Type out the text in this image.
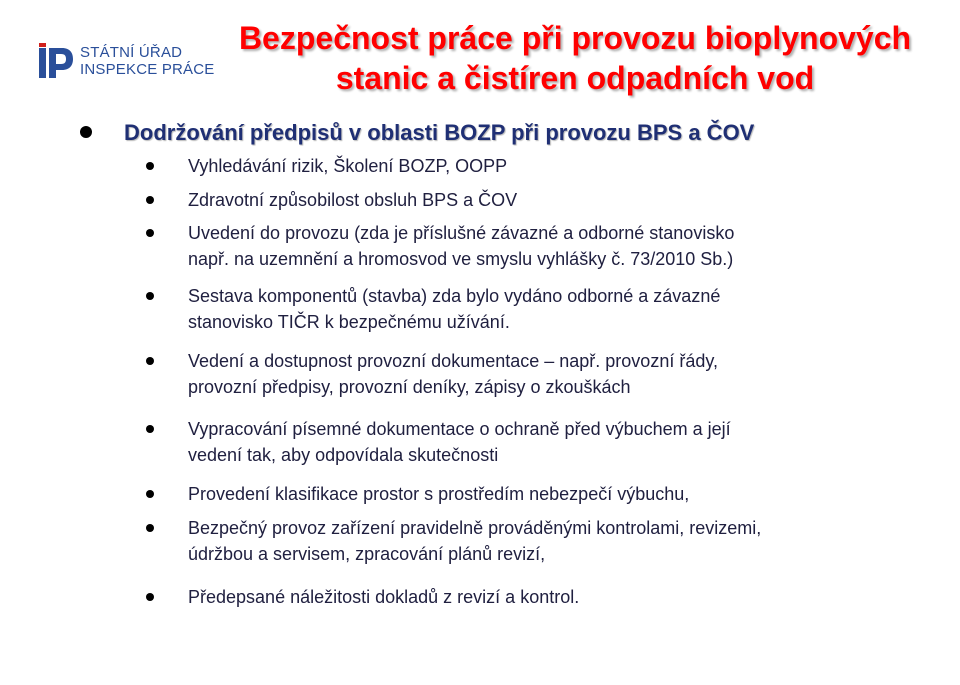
STÁTNÍ ÚŘAD
INSPEKCE PRÁCE
Bezpečnost práce při provozu bioplynových
stanic a čistíren odpadních vod
Dodržování předpisů v oblasti BOZP při provozu BPS a ČOV
Vyhledávání rizik, Školení BOZP, OOPP
Zdravotní způsobilost obsluh BPS a ČOV
Uvedení do provozu (zda je příslušné závazné a odborné stanovisko
např. na uzemnění a hromosvod ve smyslu vyhlášky č. 73/2010 Sb.)
Sestava komponentů (stavba) zda bylo vydáno odborné a závazné
stanovisko TIČR k bezpečnému užívání.
Vedení a dostupnost provozní dokumentace – např. provozní řády,
provozní předpisy, provozní deníky, zápisy o zkouškách
Vypracování písemné dokumentace o ochraně před výbuchem a její
vedení tak, aby odpovídala skutečnosti
Provedení klasifikace prostor s prostředím nebezpečí výbuchu,
Bezpečný provoz zařízení pravidelně prováděnými kontrolami, revizemi,
údržbou a servisem, zpracování plánů revizí,
Předepsané náležitosti dokladů z revizí a kontrol.
